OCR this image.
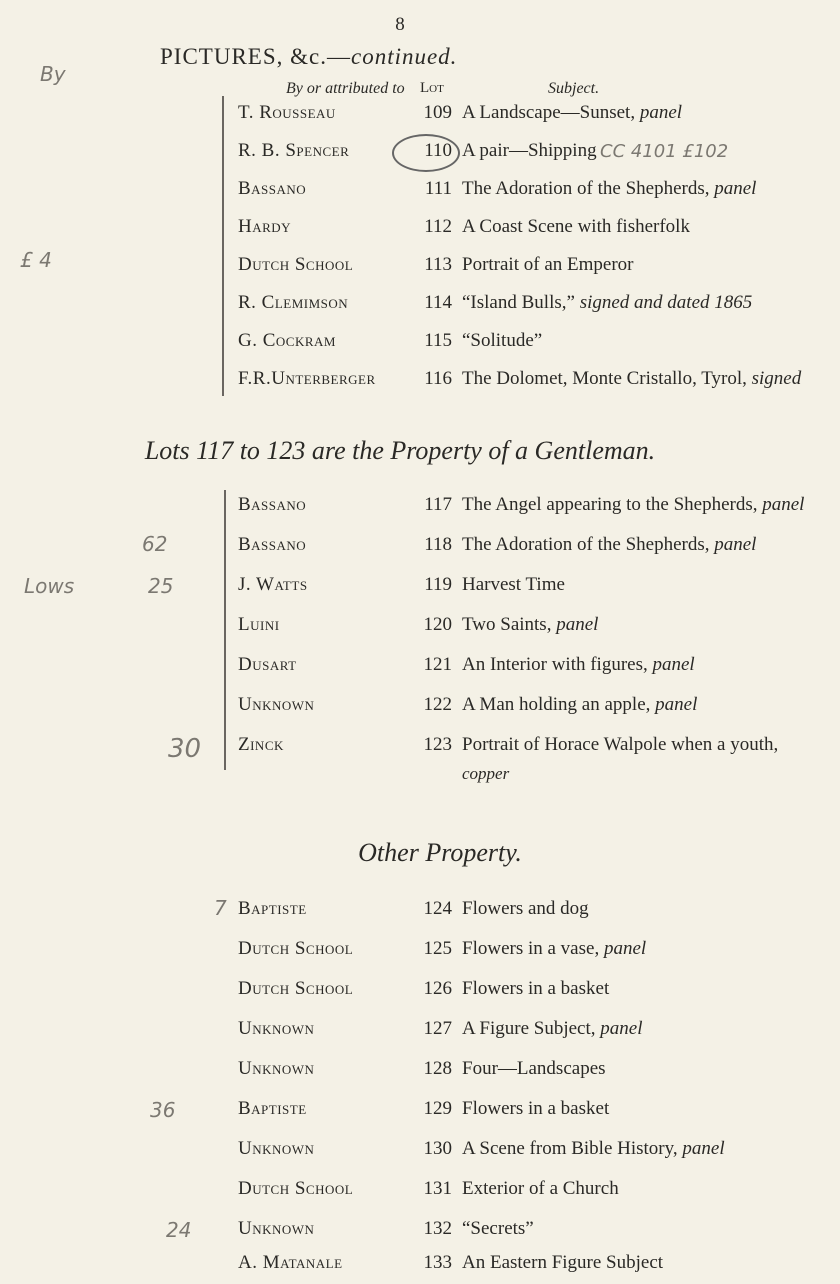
8
PICTURES, &c.—continued.
By or attributed to Lot	Subject.
T. Rousseau	109 A Landscape—Sunset, panel
R. B. Spencer	110 A pair—Shipping
Bassano	111 The Adoration of the Shepherds, panel
Hardy	112 A Coast Scene with fisherfolk
Dutch School	113 Portrait of an Emperor
R. Clemimson	114 “Island Bulls,” signed and dated 1865
G. Cockram	115 “Solitude”
F.R.Unterberger	116 The Dolomet, Monte Cristallo, Tyrol, signed
Lots 117 to 123 are the Property of a Gentleman.
Bassano	117 The Angel appearing to the Shepherds, panel
Bassano	118 The Adoration of the Shepherds, panel
J. Watts	119 Harvest Time
Luini	120 Two Saints, panel
Dusart	121 An Interior with figures, panel
Unknown	122 A Man holding an apple, panel
Zinck	123 Portrait of Horace Walpole when a youth,
copper
Other Property.
Baptiste	124 Flowers and dog
Dutch School	125 Flowers in a vase, panel
Dutch School	126 Flowers in a basket
Unknown	127 A Figure Subject, panel
Unknown	128 Four—Landscapes
Baptiste	129 Flowers in a basket
Unknown	130 A Scene from Bible History, panel
Dutch School	131 Exterior of a Church
Unknown	132 “Secrets”
A. Matanale	133 An Eastern Figure Subject
CC 4101 £102
By
£ 4
Lows
62
25
30
7
24
36
